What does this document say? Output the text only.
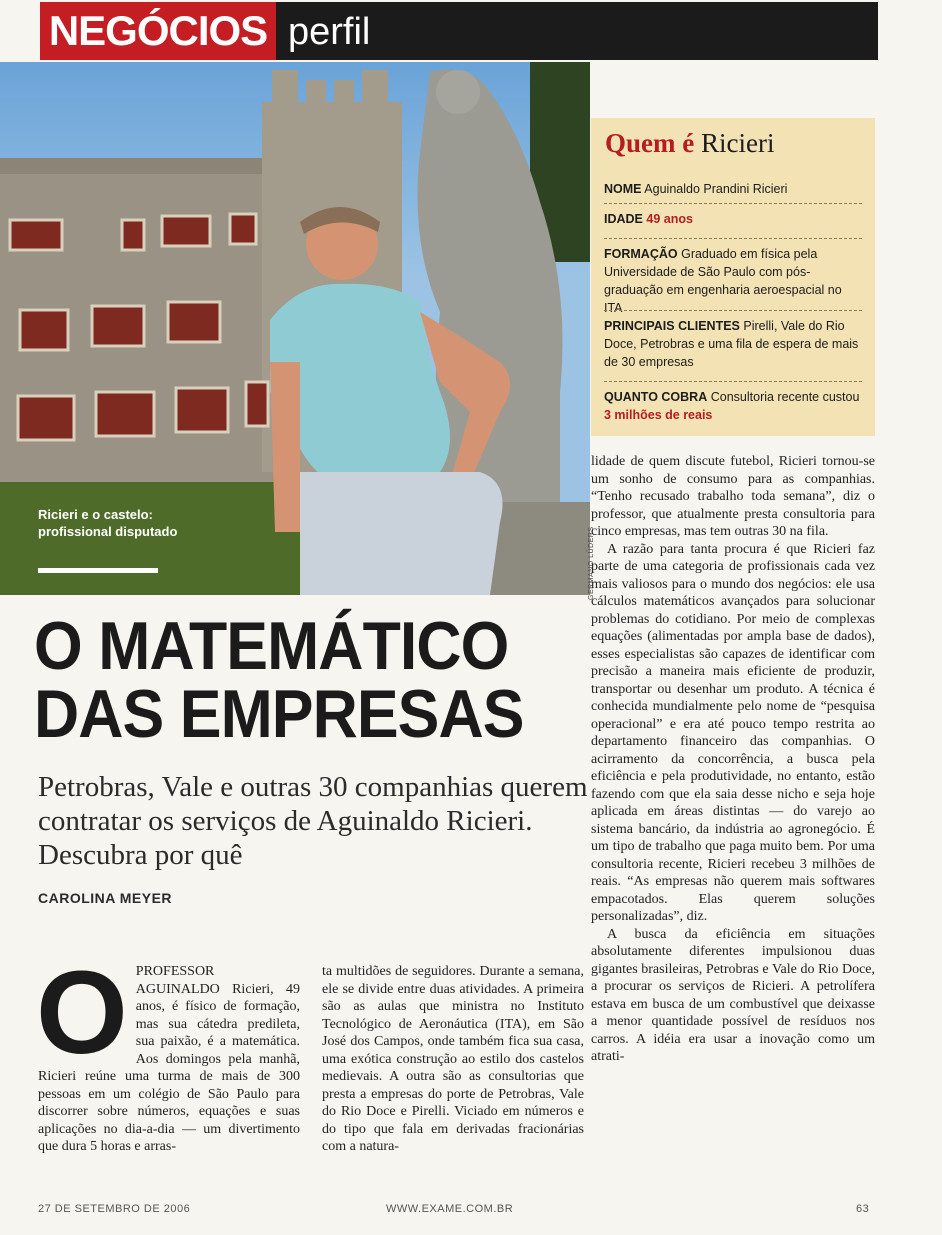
NEGÓCIOS perfil
Ricieri e o castelo: profissional disputado	GERMANO LÜDERS
Quem é Ricieri
NOME Aguinaldo Prandini Ricieri
IDADE 49 anos
FORMAÇÃO Graduado em física pela Universidade de São Paulo com pós-graduação em engenharia aeroespacial no ITA
PRINCIPAIS CLIENTES Pirelli, Vale do Rio Doce, Petrobras e uma fila de espera de mais de 30 empresas
QUANTO COBRA Consultoria recente custou 3 milhões de reais
O MATEMÁTICO
DAS EMPRESAS
Petrobras, Vale e outras 30 companhias querem contratar os serviços de Aguinaldo Ricieri. Descubra por quê
CAROLINA MEYER
O PROFESSOR AGUINALDO Ricieri, 49 anos, é físico de formação, mas sua cátedra predileta, sua paixão, é a matemática. Aos domingos pela manhã, Ricieri reúne uma turma de mais de 300 pessoas em um colégio de São Paulo para discorrer sobre números, equações e suas aplicações no dia-a-dia — um divertimento que dura 5 horas e arras-

ta multidões de seguidores. Durante a semana, ele se divide entre duas atividades. A primeira são as aulas que ministra no Instituto Tecnológico de Aeronáutica (ITA), em São José dos Campos, onde também fica sua casa, uma exótica construção ao estilo dos castelos medievais. A outra são as consultorias que presta a empresas do porte de Petrobras, Vale do Rio Doce e Pirelli. Viciado em números e do tipo que fala em derivadas fracionárias com a natura-

lidade de quem discute futebol, Ricieri tornou-se um sonho de consumo para as companhias. “Tenho recusado trabalho toda semana”, diz o professor, que atualmente presta consultoria para cinco empresas, mas tem outras 30 na fila.

A razão para tanta procura é que Ricieri faz parte de uma categoria de profissionais cada vez mais valiosos para o mundo dos negócios: ele usa cálculos matemáticos avançados para solucionar problemas do cotidiano. Por meio de complexas equações (alimentadas por ampla base de dados), esses especialistas são capazes de identificar com precisão a maneira mais eficiente de produzir, transportar ou desenhar um produto. A técnica é conhecida mundialmente pelo nome de “pesquisa operacional” e era até pouco tempo restrita ao departamento financeiro das companhias. O acirramento da concorrência, a busca pela eficiência e pela produtividade, no entanto, estão fazendo com que ela saia desse nicho e seja hoje aplicada em áreas distintas — do varejo ao sistema bancário, da indústria ao agronegócio. É um tipo de trabalho que paga muito bem. Por uma consultoria recente, Ricieri recebeu 3 milhões de reais. “As empresas não querem mais softwares empacotados. Elas querem soluções personalizadas”, diz.

A busca da eficiência em situações absolutamente diferentes impulsionou duas gigantes brasileiras, Petrobras e Vale do Rio Doce, a procurar os serviços de Ricieri. A petrolífera estava em busca de um combustível que deixasse a menor quantidade possível de resíduos nos carros. A idéia era usar a inovação como um atrati-

27 DE SETEMBRO DE 2006	WWW.EXAME.COM.BR	63
